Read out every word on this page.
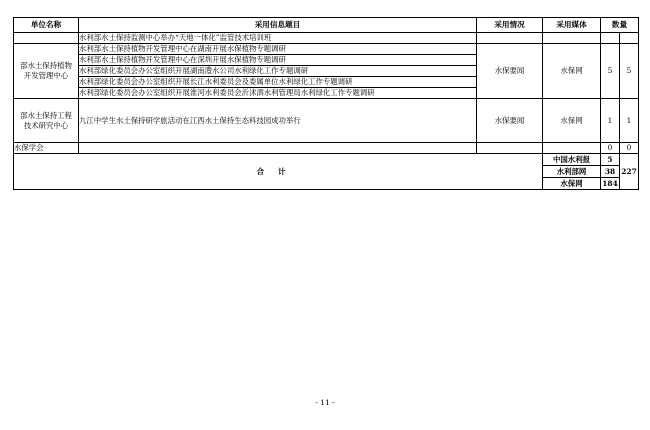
单位名称	采用信息题目	采用情况	采用媒体	数量	
	水利部水土保持监测中心举办“天地一体化”监管技术培训班				
部水土保持植物开发管理中心	水利部水土保持植物开发管理中心在湖南开展水保植物专题调研	水保要闻	水保网	5	5
	水利部水土保持植物开发管理中心在深圳开展水保植物专题调研				
	水利部绿化委员会办公室组织开展湖南澧水公司水利绿化工作专题调研				
	水利部绿化委员会办公室组织开展长江水利委员会及委属单位水利绿化工作专题调研				
	水利部绿化委员会办公室组织开展淮河水利委员会沂沭泗水利管理局水利绿化工作专题调研				
部水土保持工程技术研究中心	九江中学生水土保持研学旅活动在江西水土保持生态科技园成功举行	水保要闻	水保网	1	1
水保学会				0	0
合计			中国水利报	5	227
			水利部网	38	
			水保网	184	
- 11 -
